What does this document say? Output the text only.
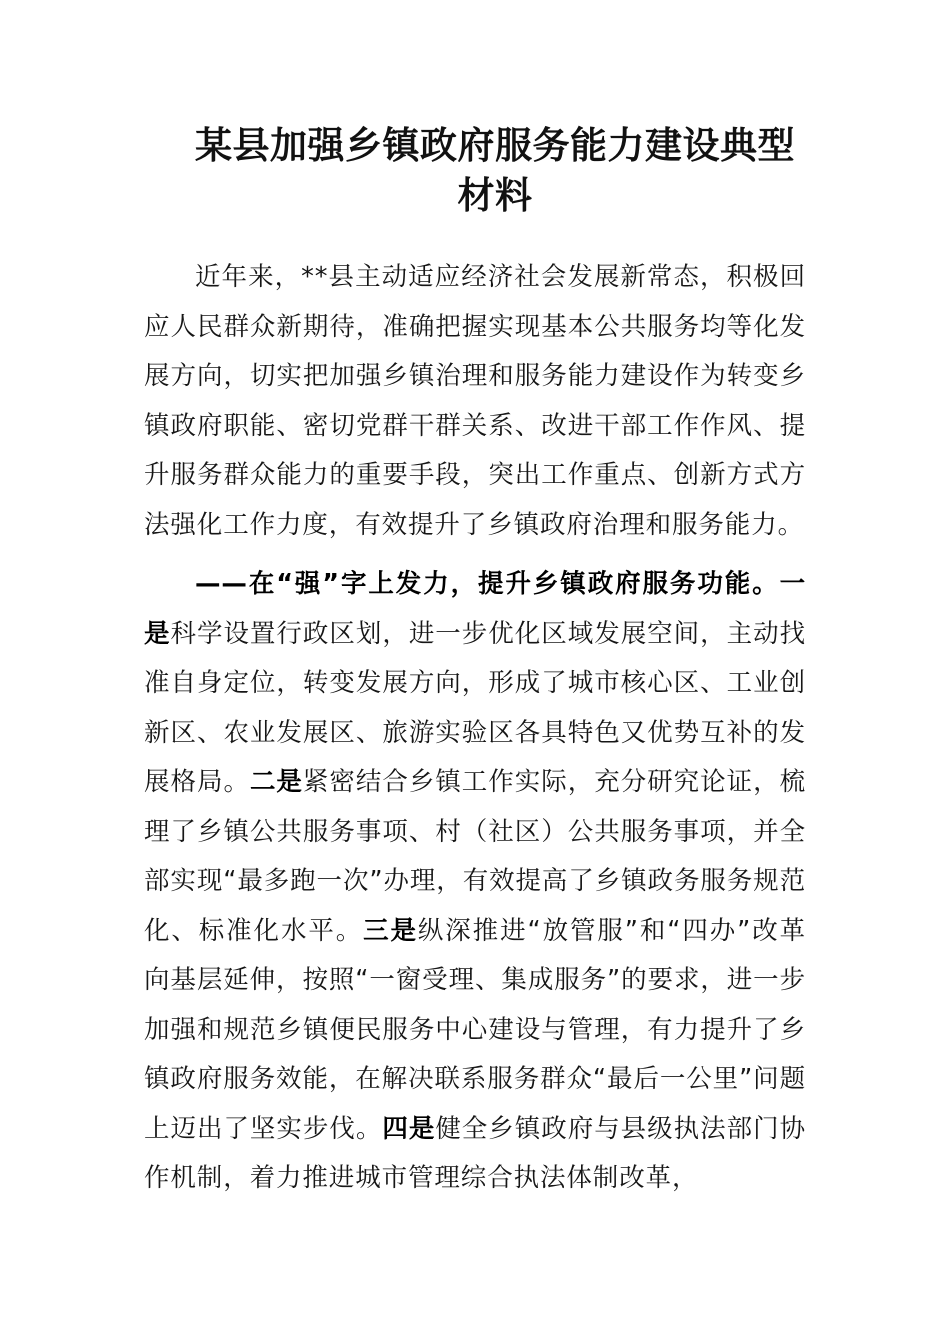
某县加强乡镇政府服务能力建设典型材料

近年来，**县主动适应经济社会发展新常态，积极回应人民群众新期待，准确把握实现基本公共服务均等化发展方向，切实把加强乡镇治理和服务能力建设作为转变乡镇政府职能、密切党群干群关系、改进干部工作作风、提升服务群众能力的重要手段，突出工作重点、创新方式方法强化工作力度，有效提升了乡镇政府治理和服务能力。

——在“强”字上发力，提升乡镇政府服务功能。一是科学设置行政区划，进一步优化区域发展空间，主动找准自身定位，转变发展方向，形成了城市核心区、工业创新区、农业发展区、旅游实验区各具特色又优势互补的发展格局。二是紧密结合乡镇工作实际，充分研究论证，梳理了乡镇公共服务事项、村（社区）公共服务事项，并全部实现“最多跑一次”办理，有效提高了乡镇政务服务规范化、标准化水平。三是纵深推进“放管服”和“四办”改革向基层延伸，按照“一窗受理、集成服务”的要求，进一步加强和规范乡镇便民服务中心建设与管理，有力提升了乡镇政府服务效能，在解决联系服务群众“最后一公里”问题上迈出了坚实步伐。四是健全乡镇政府与县级执法部门协作机制，着力推进城市管理综合执法体制改革，
